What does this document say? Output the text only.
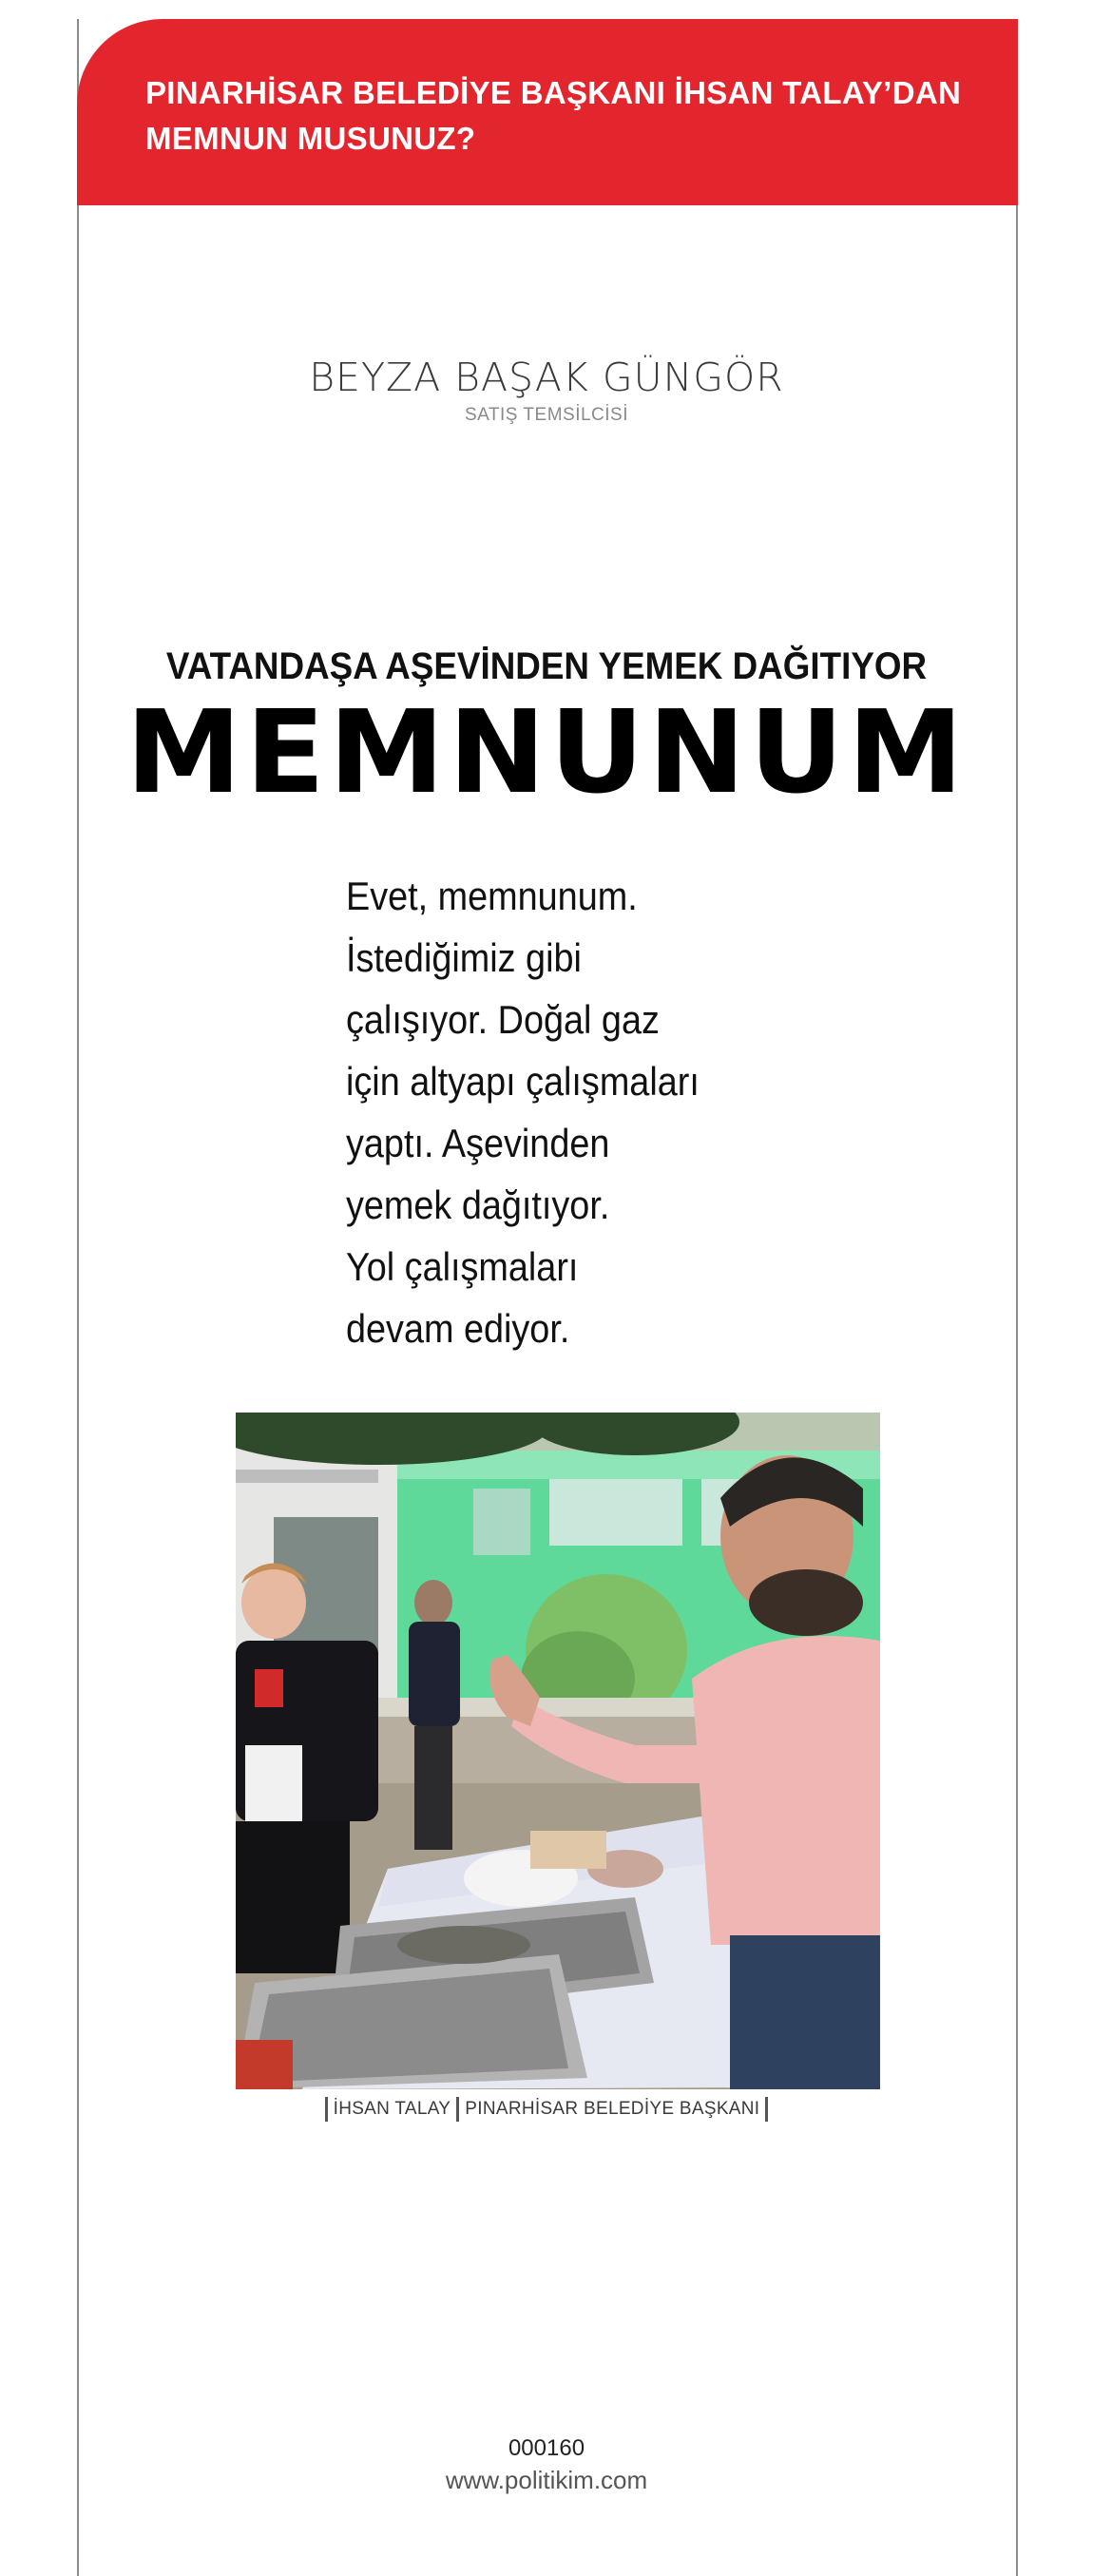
PINARHİSAR BELEDİYE BAŞKANI İHSAN TALAY’DAN
MEMNUN MUSUNUZ?

BEYZA BAŞAK GÜNGÖR
SATIŞ TEMSİLCİSİ
VATANDAŞA AŞEVİNDEN YEMEK DAĞITIYOR
MEMNUNUM

Evet, memnunum.
İstediğimiz gibi
çalışıyor. Doğal gaz
için altyapı çalışmaları
yaptı. Aşevinden
yemek dağıtıyor.
Yol çalışmaları
devam ediyor.

İHSAN TALAY PINARHİSAR BELEDİYE BAŞKANI
000160
www.politikim.com
